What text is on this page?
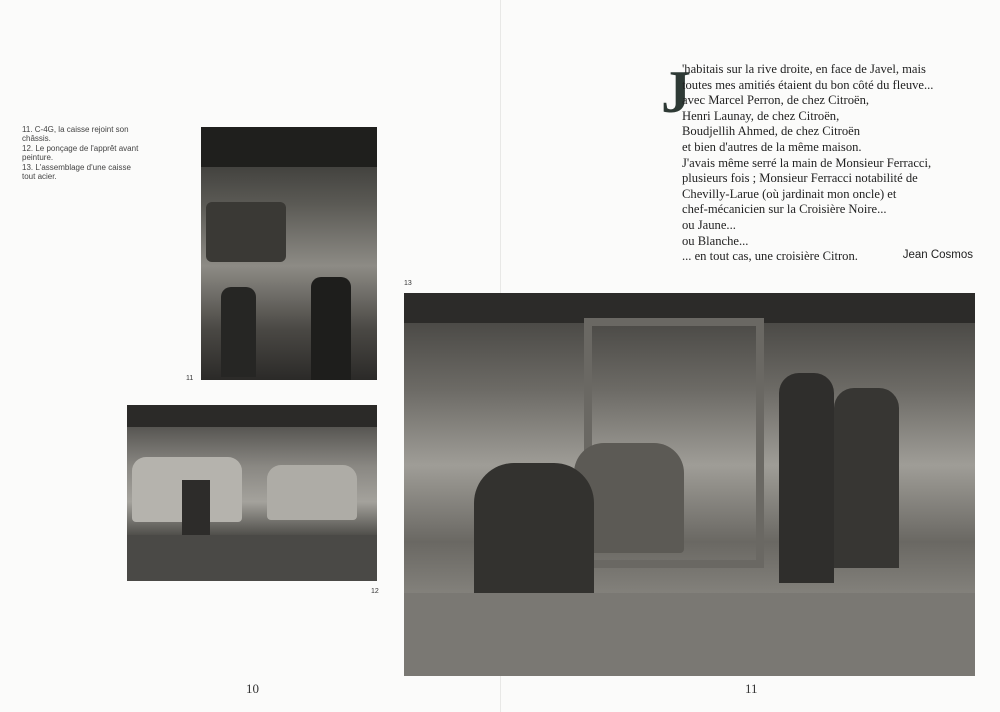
11. C-4G, la caisse rejoint son châssis.
12. Le ponçage de l'apprêt avant peinture.
13. L'assemblage d'une caisse tout acier.
11
12
13
J
'habitais sur la rive droite, en face de Javel, mais
toutes mes amitiés étaient du bon côté du fleuve...
avec Marcel Perron, de chez Citroën,
Henri Launay, de chez Citroën,
Boudjellih Ahmed, de chez Citroën
et bien d'autres de la même maison.
J'avais même serré la main de Monsieur Ferracci,
plusieurs fois ; Monsieur Ferracci notabilité de
Chevilly-Larue (où jardinait mon oncle) et
chef-mécanicien sur la Croisière Noire...
ou Jaune...
ou Blanche...
... en tout cas, une croisière Citron.	Jean Cosmos
10	11
